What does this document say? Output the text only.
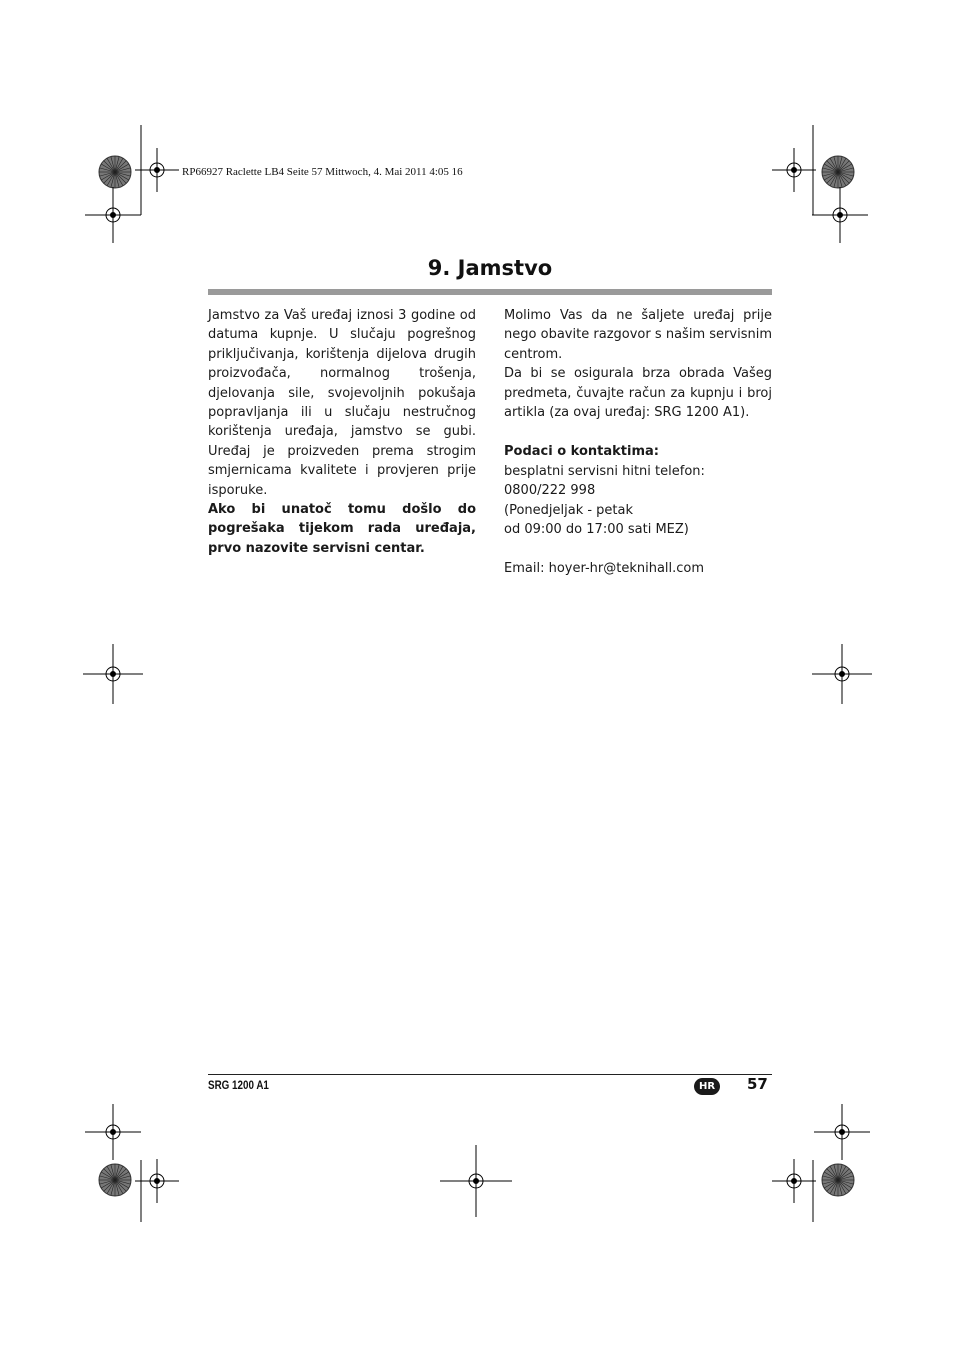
RP66927 Raclette LB4 Seite 57 Mittwoch, 4. Mai 2011 4:05 16
9. Jamstvo

Jamstvo za Vaš uređaj iznosi 3 godine od datuma kupnje. U slučaju pogrešnog priključivanja, korištenja dijelova drugih proizvođača, normalnog trošenja, djelovanja sile, svojevoljnih pokušaja popravljanja ili u slučaju nestručnog korištenja uređaja, jamstvo se gubi. Uređaj je proizveden prema strogim smjernicama kvalitete i provjeren prije isporuke.

Ako bi unatoč tomu došlo do pogrešaka tijekom rada uređaja, prvo nazovite servisni centar.

Molimo Vas da ne šaljete uređaj prije nego obavite razgovor s našim servisnim centrom.

Da bi se osigurala brza obrada Vašeg predmeta, čuvajte račun za kupnju i broj artikla (za ovaj uređaj: SRG 1200 A1).

Podaci o kontaktima:

besplatni servisni hitni telefon:

0800/222 998

(Ponedjeljak - petak

od 09:00 do 17:00 sati MEZ)

Email: hoyer-hr@teknihall.com

SRG 1200 A1	HR	57
